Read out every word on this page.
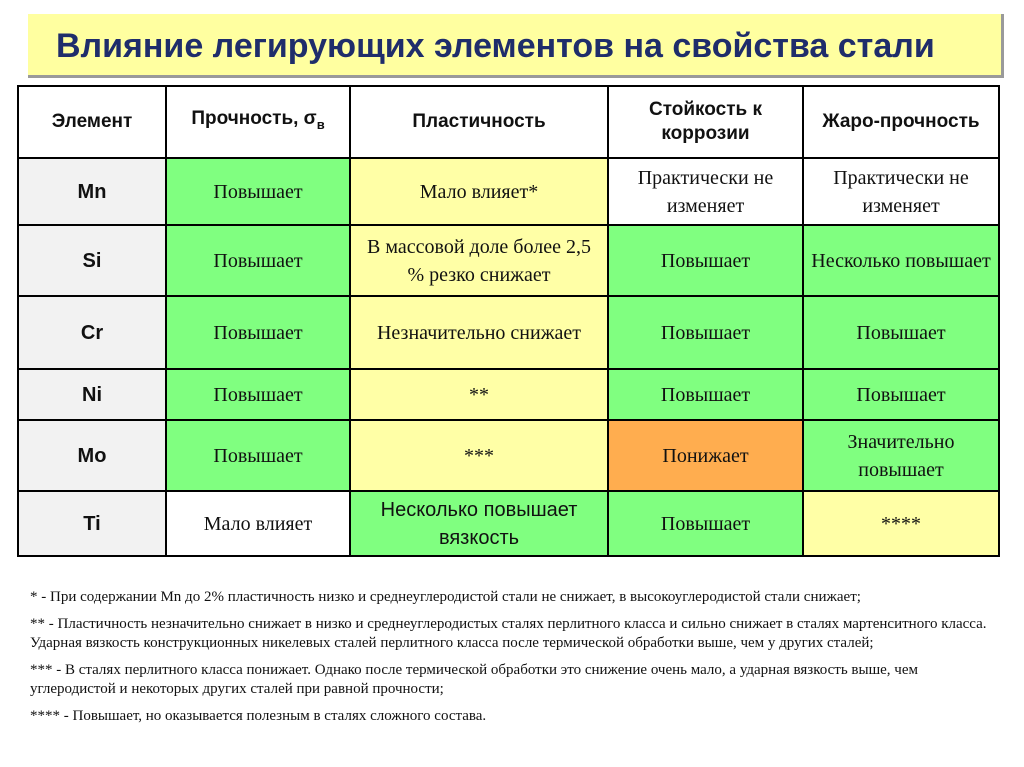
Влияние легирующих элементов на свойства стали
Элемент	Прочность, $\sigma_в$	Пластичность	Стойкость к коррозии	Жаро-прочность
Mn	Повышает	Мало влияет*	Практически не изменяет	Практически не изменяет
Si	Повышает	В массовой доле более 2,5 % резко снижает	Повышает	Несколько повышает
Cr	Повышает	Незначительно снижает	Повышает	Повышает
Ni	Повышает	**	Повышает	Повышает
Mo	Повышает	***	Понижает	Значительно повышает
Ti	Мало влияет	Несколько повышает вязкость	Повышает	****

* - При содержании Mn до 2% пластичность низко и среднеуглеродистой стали не снижает, в высокоуглеродистой стали снижает;

** - Пластичность незначительно снижает в низко и среднеуглеродистых сталях перлитного класса и сильно снижает в сталях мартенситного класса. Ударная вязкость конструкционных никелевых сталей перлитного класса после термической обработки выше, чем у других сталей;

*** - В сталях перлитного класса понижает. Однако после термической обработки это снижение очень мало, а ударная вязкость выше, чем углеродистой и некоторых других сталей при равной прочности;

**** - Повышает, но оказывается полезным в сталях сложного состава.
